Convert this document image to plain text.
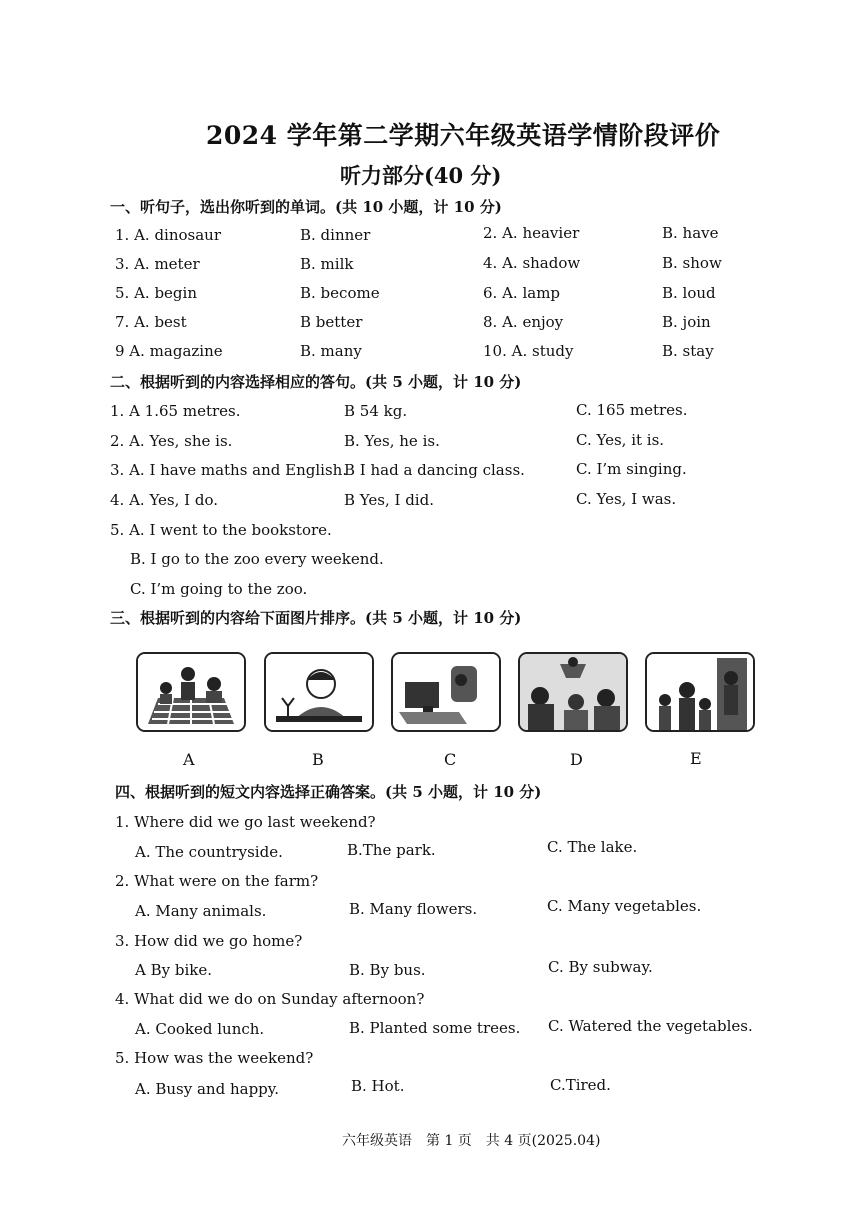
2024 学年第二学期六年级英语学情阶段评价
听力部分(40 分)
一、听句子，选出你听到的单词。(共 10 小题，计 10 分)
1. A. dinosaur	B. dinner	2. A. heavier	B. have
3. A. meter	B. milk	4. A. shadow	B. show
5. A. begin	B. become	6. A. lamp	B. loud
7. A. best	B better	8. A. enjoy	B. join
9 A. magazine	B. many	10. A. study	B. stay
二、根据听到的内容选择相应的答句。(共 5 小题，计 10 分)
1. A 1.65 metres.	B 54 kg.	C. 165 metres.
2. A. Yes, she is.	B. Yes, he is.	C. Yes, it is.
3. A. I have maths and English.
B I had a dancing class.	C. I’m singing.
4. A. Yes, I do.	B Yes, I did.	C. Yes, I was.
5. A. I went to the bookstore.
B. I go to the zoo every weekend.
C. I’m going to the zoo.
三、根据听到的内容给下面图片排序。(共 5 小题，计 10 分)
A	B	C	D	E
四、根据听到的短文内容选择正确答案。(共 5 小题，计 10 分)
1. Where did we go last weekend?
A. The countryside.	B.The park.	C. The lake.
2. What were on the farm?
A. Many animals.	B. Many flowers.	C. Many vegetables.
3. How did we go home?
A By bike.	B. By bus.	C. By subway.
4. What did we do on Sunday afternoon?
A. Cooked lunch.	B. Planted some trees. C. Watered the vegetables.
5. How was the weekend?
A. Busy and happy.	B. Hot.	C.Tired.
六年级英语　第 1 页　共 4 页(2025.04)
